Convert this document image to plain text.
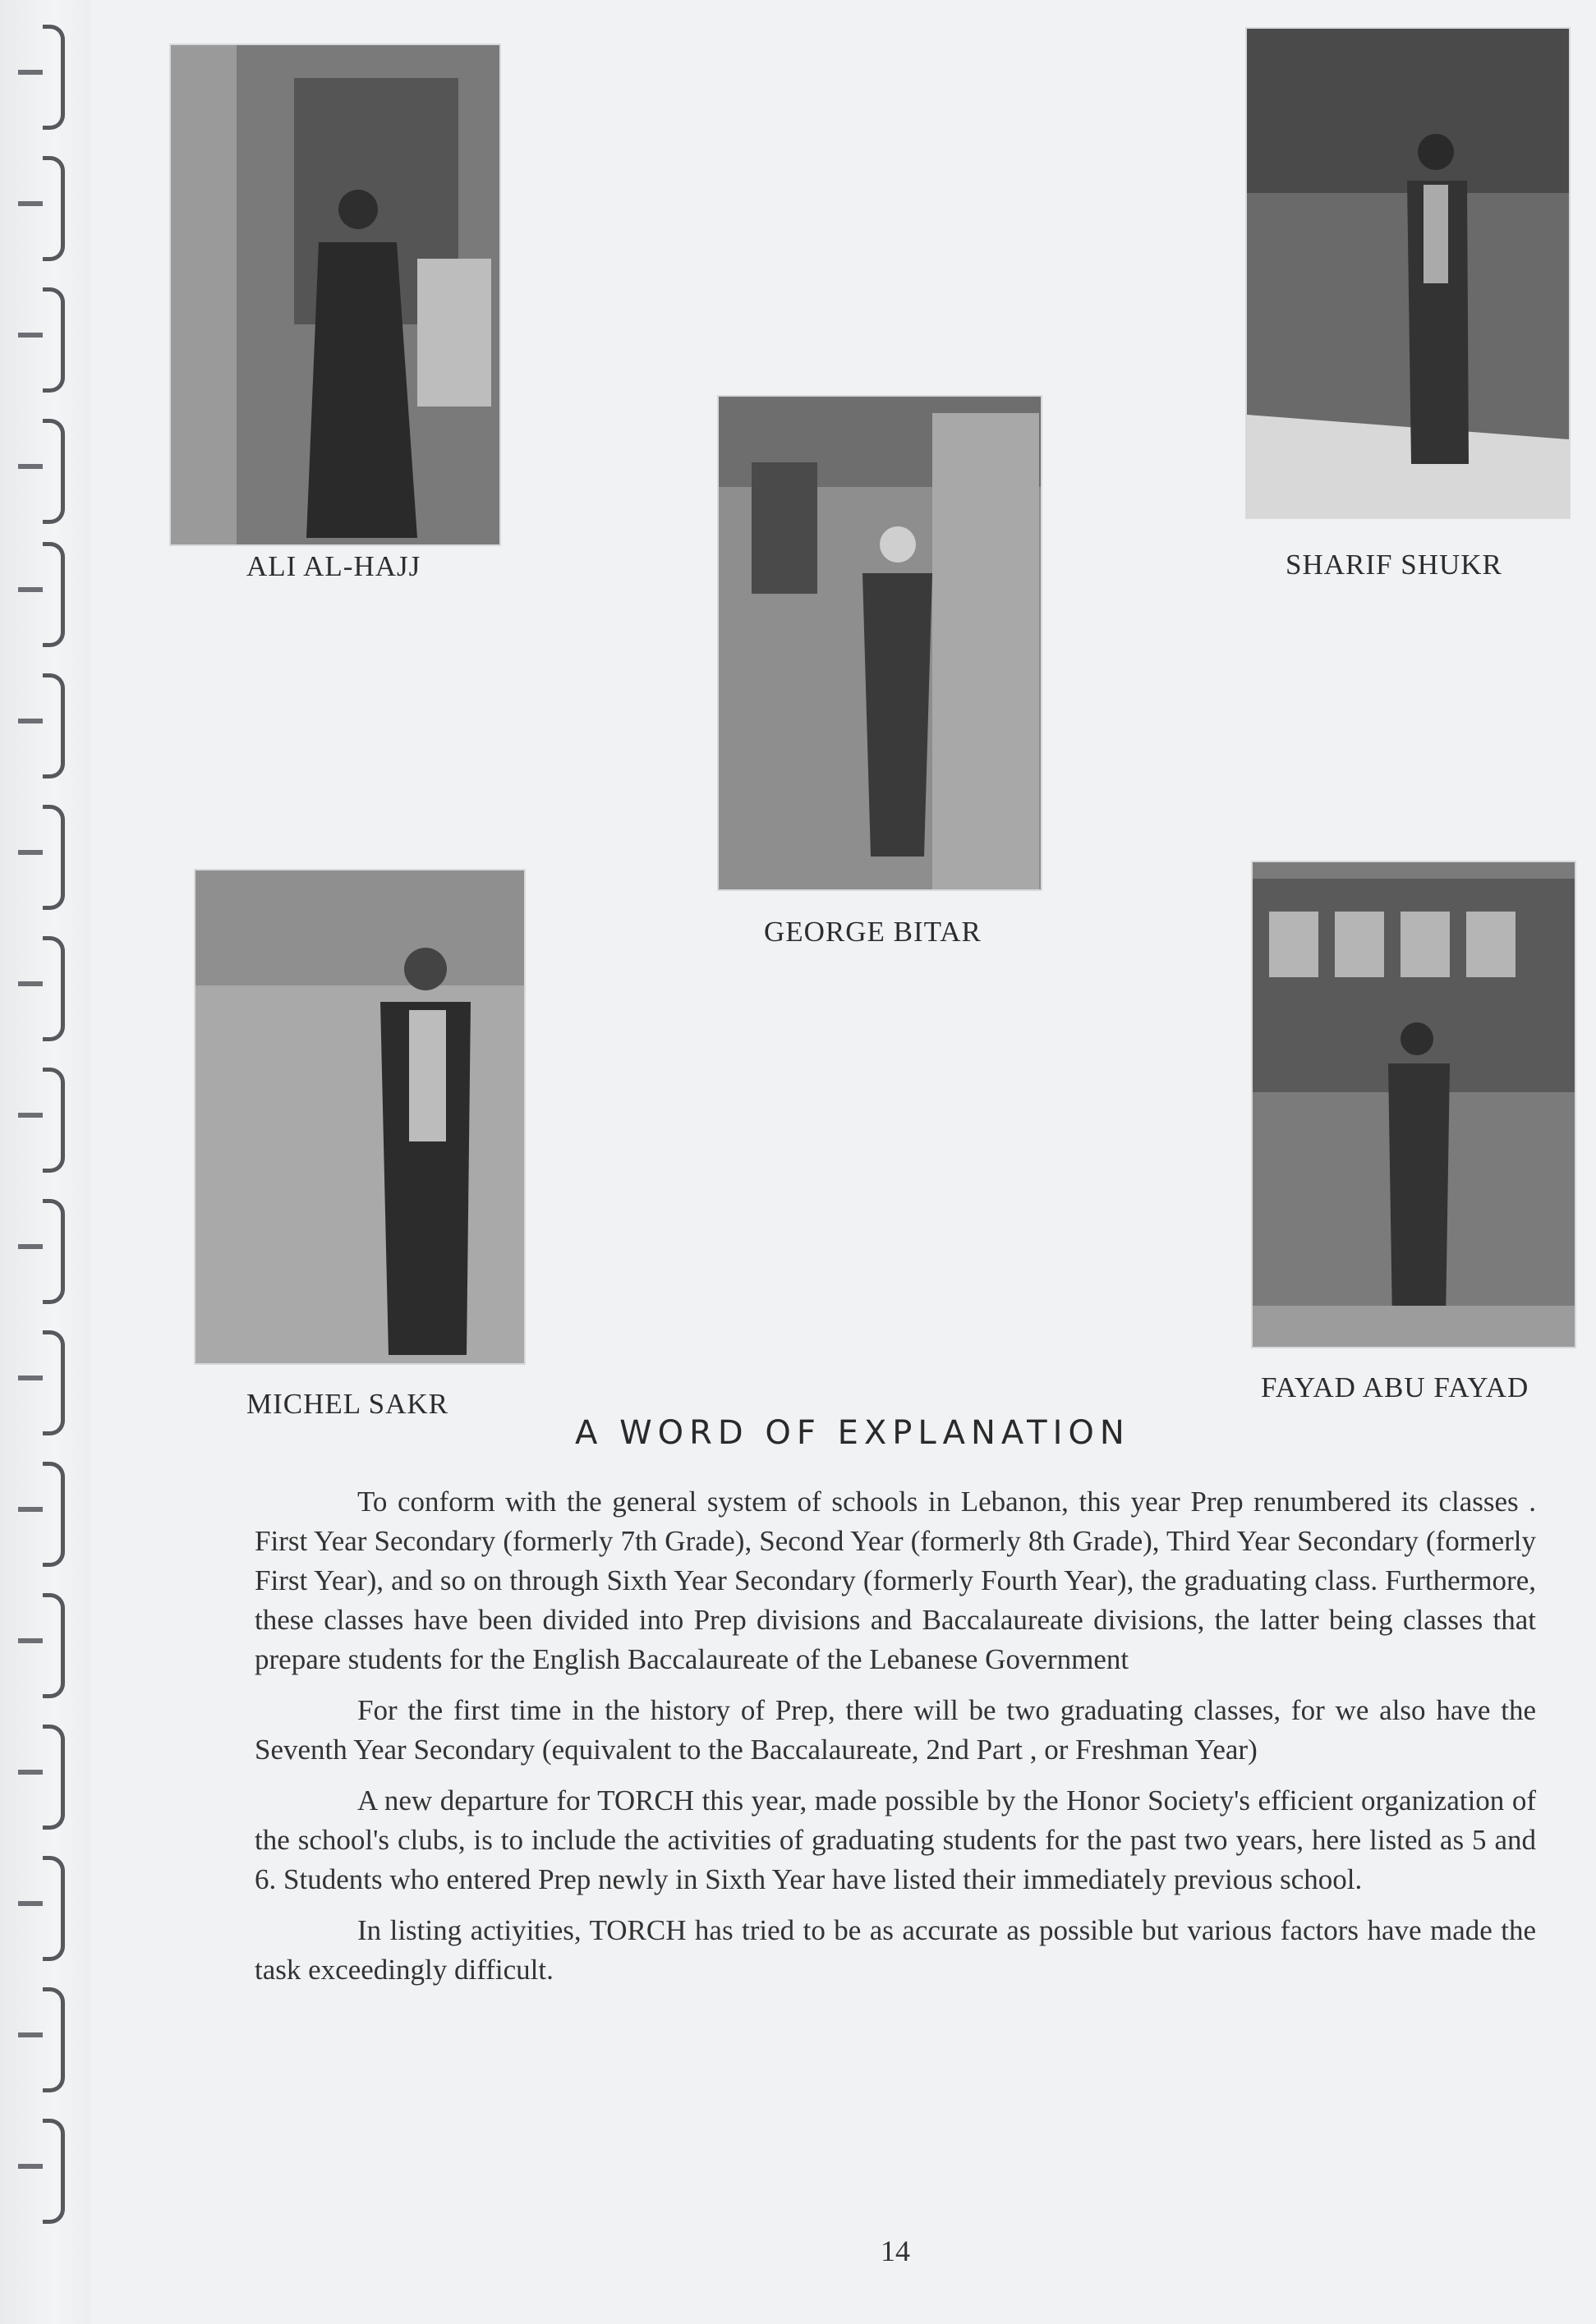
ALI AL-HAJJ	SHARIF SHUKR
GEORGE BITAR
MICHEL SAKR
FAYAD ABU FAYAD
A WORD OF EXPLANATION

To conform with the general system of schools in Lebanon, this year Prep renumbered its classes . First Year Secondary (formerly 7th Grade), Second Year (formerly 8th Grade), Third Year Secondary (formerly First Year), and so on through Sixth Year Secondary (formerly Fourth Year), the graduating class. Furthermore, these classes have been divided into Prep divisions and Baccalaureate divisions, the latter being classes that prepare students for the English Baccalaureate of the Lebanese Government

For the first time in the history of Prep, there will be two graduating classes, for we also have the Seventh Year Secondary (equivalent to the Baccalaureate, 2nd Part , or Freshman Year)

A new departure for TORCH this year, made possible by the Honor Society's efficient organization of the school's clubs, is to include the activities of graduating students for the past two years, here listed as 5 and 6. Students who entered Prep newly in Sixth Year have listed their immediately previous school.

In listing actiyities, TORCH has tried to be as accurate as possible but various factors have made the task exceedingly difficult.

14
